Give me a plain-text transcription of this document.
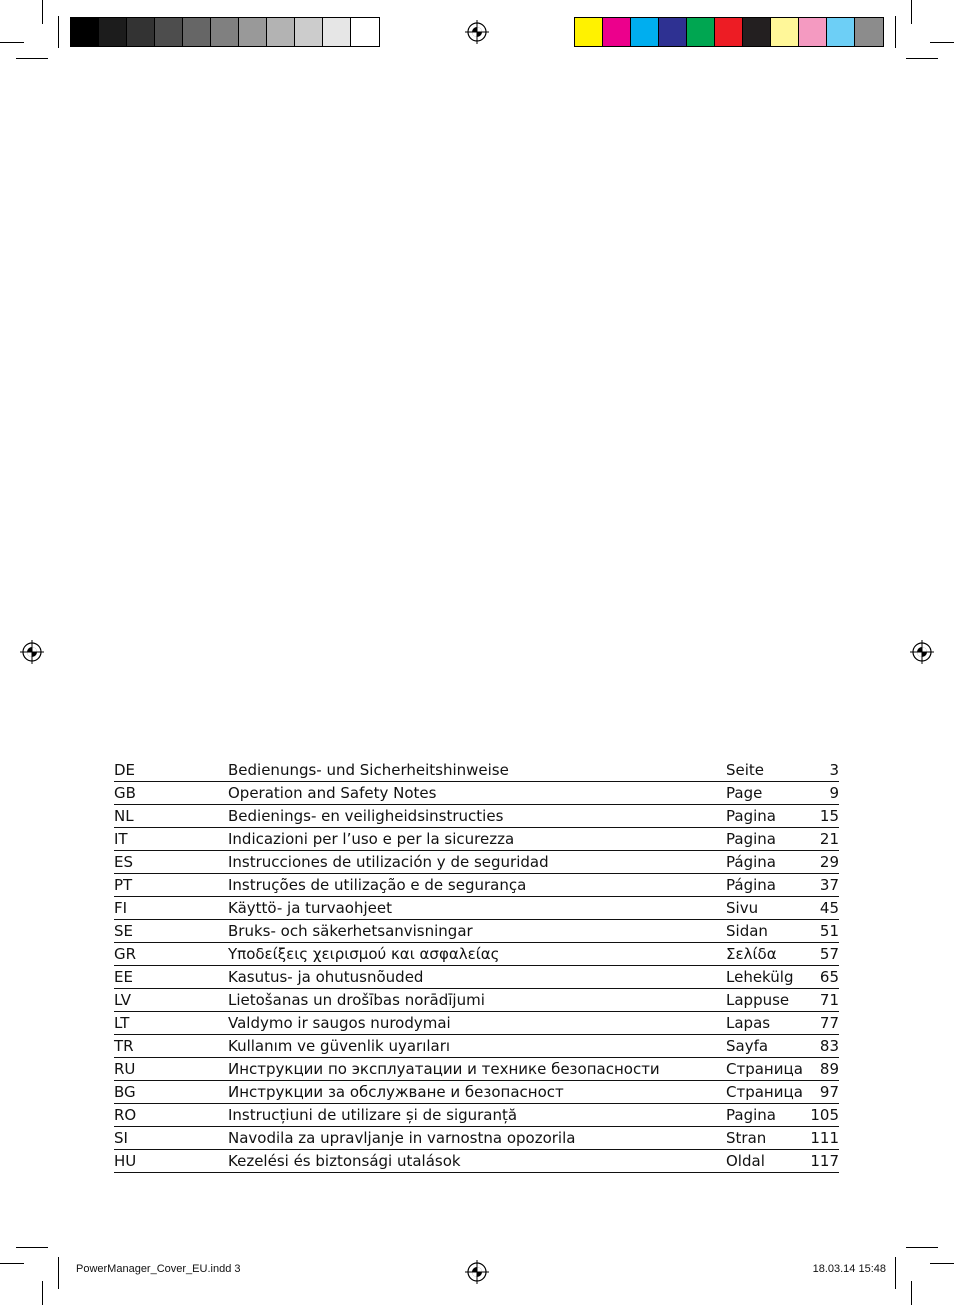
DE	Bedienungs- und Sicherheitshinweise	Seite	3
GB	Operation and Safety Notes	Page	9
NL	Bedienings- en veiligheidsinstructies	Pagina	15
IT	Indicazioni per l’uso e per la sicurezza	Pagina	21
ES	Instrucciones de utilización y de seguridad	Página	29
PT	Instruções de utilização e de segurança	Página	37
FI	Käyttö- ja turvaohjeet	Sivu	45
SE	Bruks- och säkerhetsanvisningar	Sidan	51
GR	Υποδείξεις χειρισμού και ασφαλείας	Σελίδα	57
EE	Kasutus- ja ohutusnõuded	Lehekülg	65
LV	Lietošanas un drošības norādījumi	Lappuse	71
LT	Valdymo ir saugos nurodymai	Lapas	77
TR	Kullanım ve güvenlik uyarıları	Sayfa	83
RU	Инструкции по эксплуатации и технике безопасности	Страница	89
BG	Инструкции за обслужване и безопасност	Страница	97
RO	Instrucțiuni de utilizare și de siguranță	Pagina	105
SI	Navodila za upravljanje in varnostna opozorila	Stran	111
HU	Kezelési és biztonsági utalások	Oldal	117
PowerManager_Cover_EU.indd 3	18.03.14 15:48
